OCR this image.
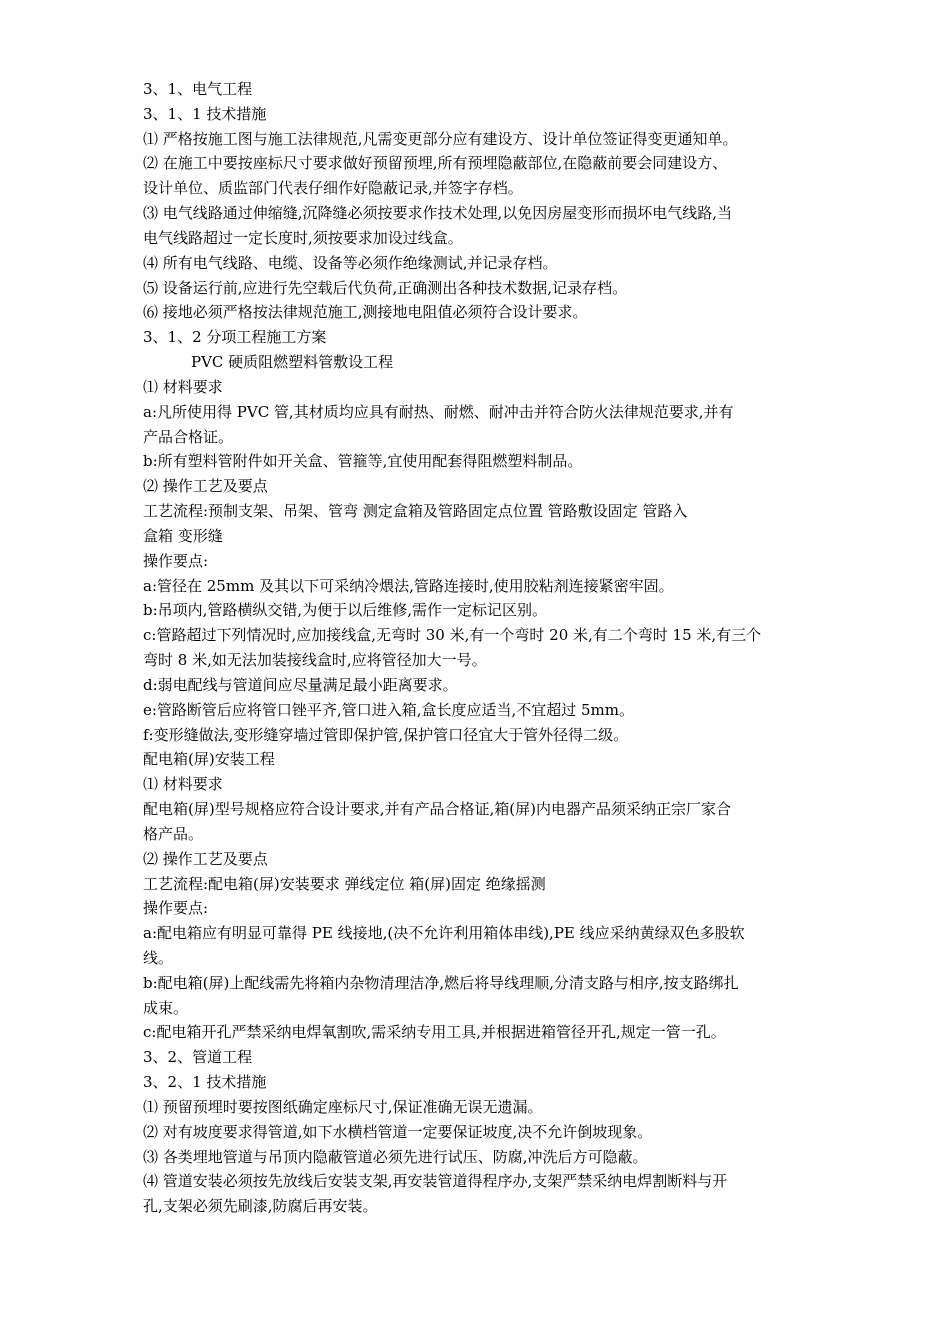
3、1、电气工程
3、1、1 技术措施
⑴ 严格按施工图与施工法律规范,凡需变更部分应有建设方、设计单位签证得变更通知单。
⑵ 在施工中要按座标尺寸要求做好预留预埋,所有预埋隐蔽部位,在隐蔽前要会同建设方、
设计单位、质监部门代表仔细作好隐蔽记录,并签字存档。
⑶ 电气线路通过伸缩缝,沉降缝必须按要求作技术处理,以免因房屋变形而损坏电气线路,当
电气线路超过一定长度时,须按要求加设过线盒。
⑷ 所有电气线路、电缆、设备等必须作绝缘测试,并记录存档。
⑸ 设备运行前,应进行先空载后代负荷,正确测出各种技术数据,记录存档。
⑹ 接地必须严格按法律规范施工,测接地电阻值必须符合设计要求。
3、1、2 分项工程施工方案
PVC 硬质阻燃塑料管敷设工程
⑴ 材料要求
a:凡所使用得 PVC 管,其材质均应具有耐热、耐燃、耐冲击并符合防火法律规范要求,并有
产品合格证。
b:所有塑料管附件如开关盒、管箍等,宜使用配套得阻燃塑料制品。
⑵ 操作工艺及要点
工艺流程:预制支架、吊架、管弯 测定盒箱及管路固定点位置 管路敷设固定 管路入
盒箱 变形缝
操作要点:
a:管径在 25mm 及其以下可采纳冷煨法,管路连接时,使用胶粘剂连接紧密牢固。
b:吊项内,管路横纵交错,为便于以后维修,需作一定标记区别。
c:管路超过下列情况时,应加接线盒,无弯时 30 米,有一个弯时 20 米,有二个弯时 15 米,有三个
弯时 8 米,如无法加装接线盒时,应将管径加大一号。
d:弱电配线与管道间应尽量满足最小距离要求。
e:管路断管后应将管口锉平齐,管口进入箱,盒长度应适当,不宜超过 5mm。
f:变形缝做法,变形缝穿墙过管即保护管,保护管口径宜大于管外径得二级。
配电箱(屏)安装工程
⑴ 材料要求
配电箱(屏)型号规格应符合设计要求,并有产品合格证,箱(屏)内电器产品须采纳正宗厂家合
格产品。
⑵ 操作工艺及要点
工艺流程:配电箱(屏)安装要求 弹线定位 箱(屏)固定 绝缘摇测
操作要点:
a:配电箱应有明显可靠得 PE 线接地,(决不允许利用箱体串线),PE 线应采纳黄绿双色多股软
线。
b:配电箱(屏)上配线需先将箱内杂物清理洁净,燃后将导线理顺,分清支路与相序,按支路绑扎
成束。
c:配电箱开孔严禁采纳电焊氧割吹,需采纳专用工具,并根据进箱管径开孔,规定一管一孔。
3、2、管道工程
3、2、1 技术措施
⑴ 预留预埋时要按图纸确定座标尺寸,保证准确无误无遗漏。
⑵ 对有坡度要求得管道,如下水横档管道一定要保证坡度,决不允许倒坡现象。
⑶ 各类埋地管道与吊顶内隐蔽管道必须先进行试压、防腐,冲洗后方可隐蔽。
⑷ 管道安装必须按先放线后安装支架,再安装管道得程序办,支架严禁采纳电焊割断料与开
孔,支架必须先刷漆,防腐后再安装。
